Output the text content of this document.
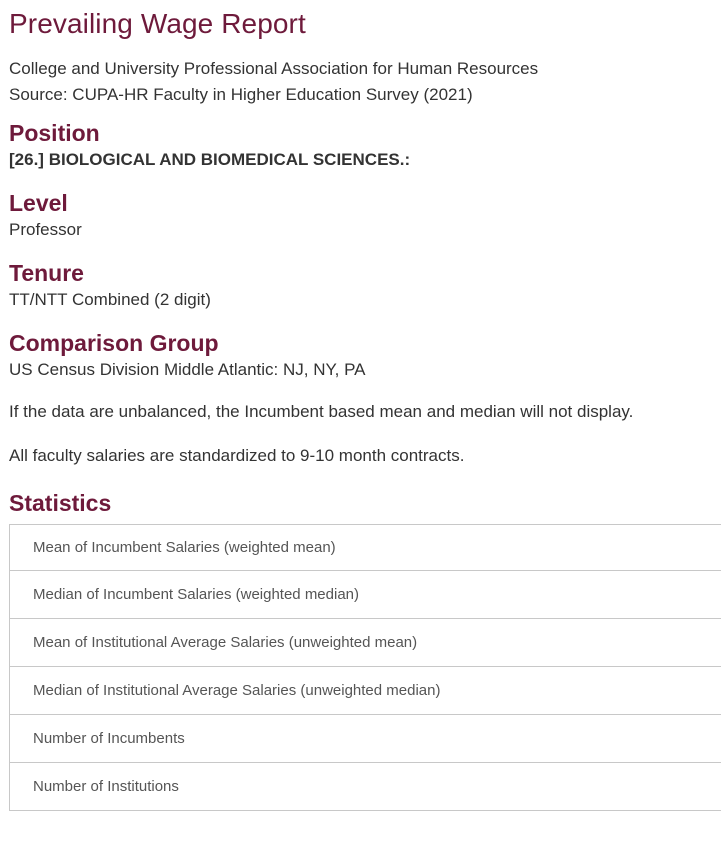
Prevailing Wage Report

College and University Professional Association for Human Resources

Source: CUPA-HR Faculty in Higher Education Survey (2021)

Position

[26.] BIOLOGICAL AND BIOMEDICAL SCIENCES.:

Level

Professor

Tenure

TT/NTT Combined (2 digit)

Comparison Group

US Census Division Middle Atlantic: NJ, NY, PA

If the data are unbalanced, the Incumbent based mean and median will not display.

All faculty salaries are standardized to 9-10 month contracts.

Statistics
Mean of Incumbent Salaries (weighted mean)
Median of Incumbent Salaries (weighted median)
Mean of Institutional Average Salaries (unweighted mean)
Median of Institutional Average Salaries (unweighted median)
Number of Incumbents
Number of Institutions
